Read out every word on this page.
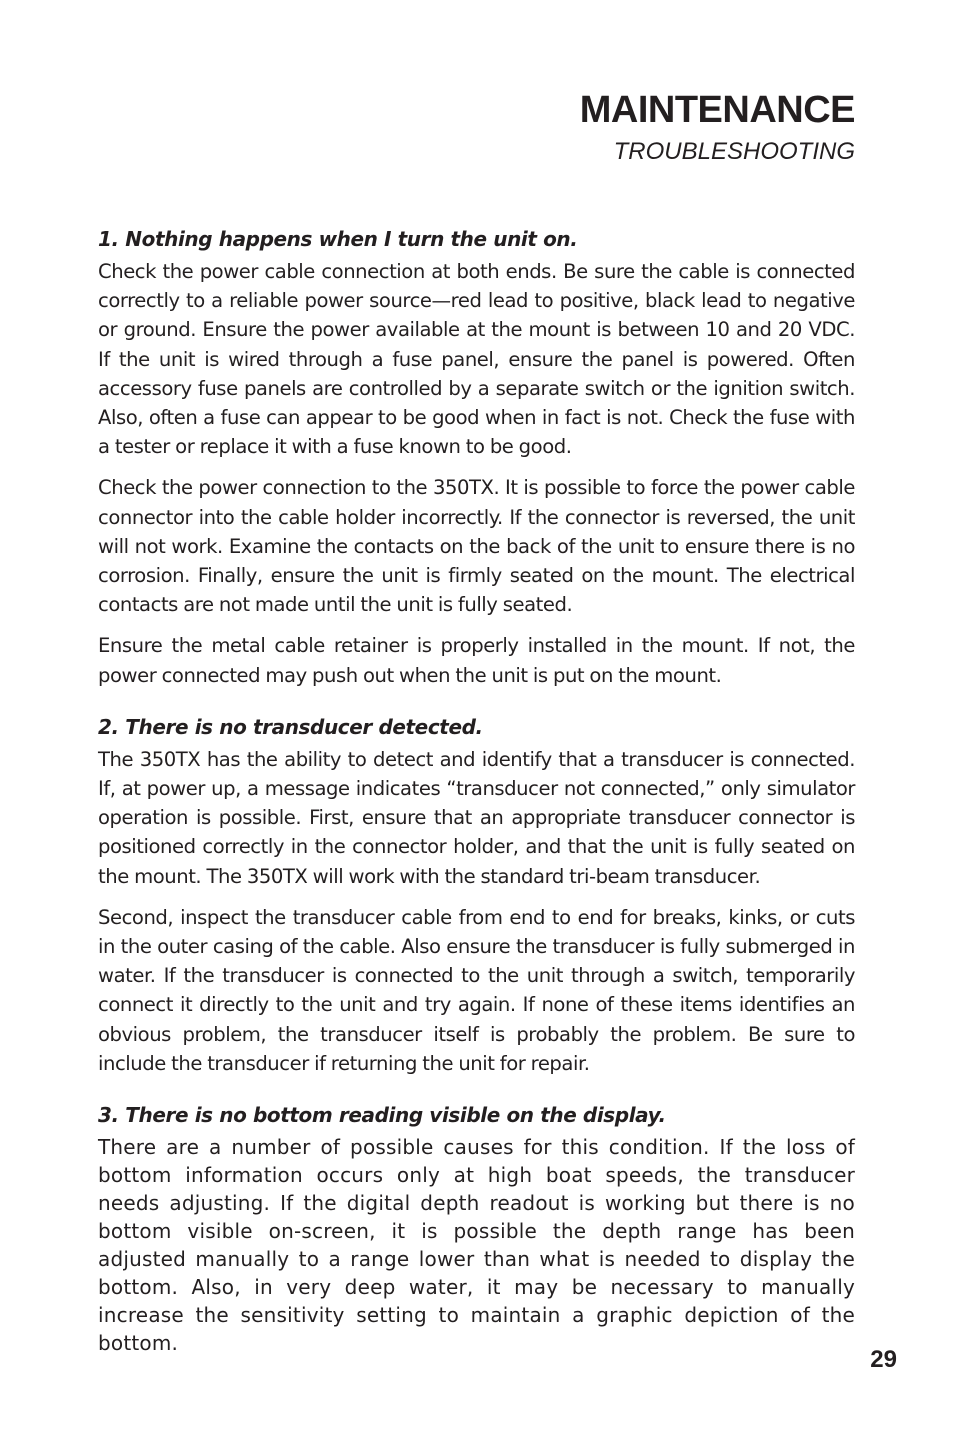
MAINTENANCE
TROUBLESHOOTING
1. Nothing happens when I turn the unit on.

Check the power cable connection at both ends. Be sure the cable is connected correctly to a reliable power source—red lead to positive, black lead to negative or ground. Ensure the power available at the mount is between 10 and 20 VDC. If the unit is wired through a fuse panel, ensure the panel is powered. Often accessory fuse panels are controlled by a separate switch or the ignition switch. Also, often a fuse can appear to be good when in fact is not. Check the fuse with a tester or replace it with a fuse known to be good.

Check the power connection to the 350TX. It is possible to force the power cable connector into the cable holder incorrectly. If the connector is reversed, the unit will not work. Examine the contacts on the back of the unit to ensure there is no corrosion. Finally, ensure the unit is firmly seated on the mount. The electrical contacts are not made until the unit is fully seated.

Ensure the metal cable retainer is properly installed in the mount. If not, the power connected may push out when the unit is put on the mount.

2. There is no transducer detected.

The 350TX has the ability to detect and identify that a transducer is connected. If, at power up, a message indicates “transducer not connected,” only simulator operation is possible. First, ensure that an appropriate transducer connector is positioned correctly in the connector holder, and that the unit is fully seated on the mount. The 350TX will work with the standard tri-beam transducer.

Second, inspect the transducer cable from end to end for breaks, kinks, or cuts in the outer casing of the cable. Also ensure the transducer is fully submerged in water. If the transducer is connected to the unit through a switch, temporarily connect it directly to the unit and try again. If none of these items identifies an obvious problem, the transducer itself is probably the problem. Be sure to include the transducer if returning the unit for repair.

3. There is no bottom reading visible on the display.

There are a number of possible causes for this condition. If the loss of bottom information occurs only at high boat speeds, the transducer needs adjusting. If the digital depth readout is working but there is no bottom visible on-screen, it is possible the depth range has been adjusted manually to a range lower than what is needed to display the bottom. Also, in very deep water, it may be necessary to manually increase the sensitivity setting to maintain a graphic depiction of the bottom.

29
